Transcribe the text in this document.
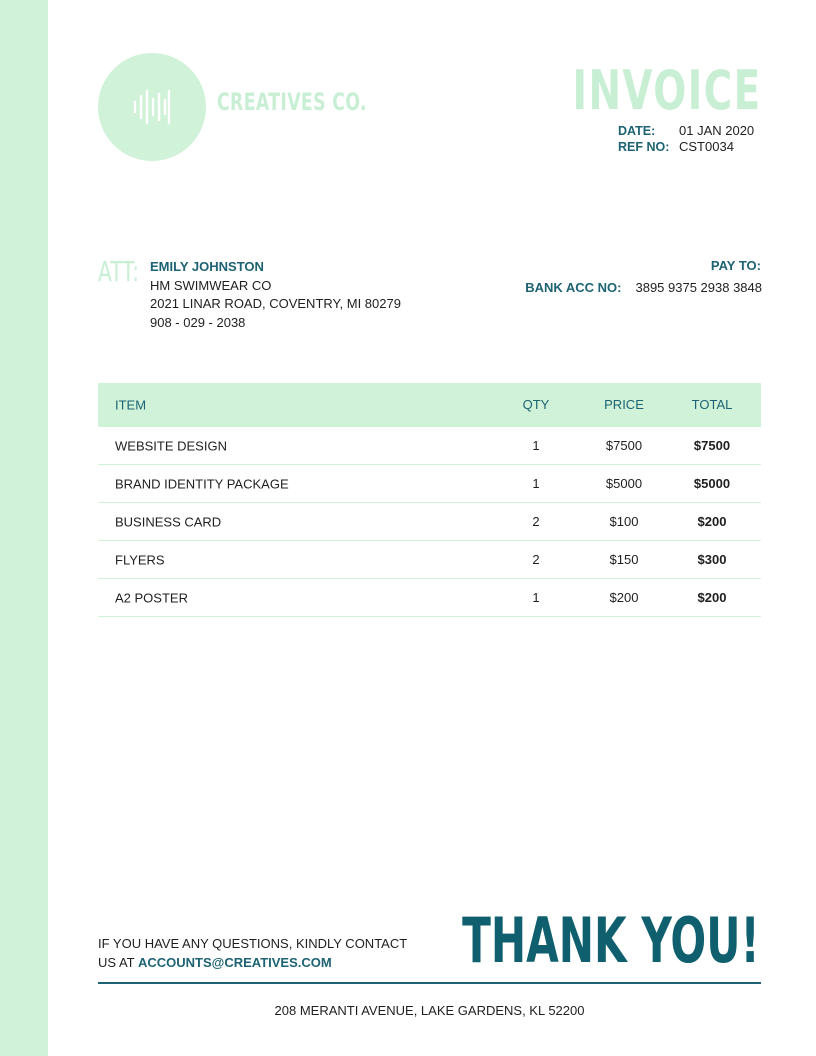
CREATIVES CO.	INVOICE
DATE: 01 JAN 2020
REF NO: CST0034
ATT: EMILY JOHNSTON
HM SWIMWEAR CO
2021 LINAR ROAD, COVENTRY, MI 80279
908 - 029 - 2038
PAY TO:
BANK ACC NO: 3895 9375 2938 3848
ITEM	QTY	PRICE	TOTAL
WEBSITE DESIGN	1	$7500	$7500
BRAND IDENTITY PACKAGE	1	$5000	$5000
BUSINESS CARD	2	$100	$200
FLYERS	2	$150	$300
A2 POSTER	1	$200	$200
IF YOU HAVE ANY QUESTIONS, KINDLY CONTACT
US AT ACCOUNTS@CREATIVES.COM	THANK YOU!
208 MERANTI AVENUE, LAKE GARDENS, KL 52200
